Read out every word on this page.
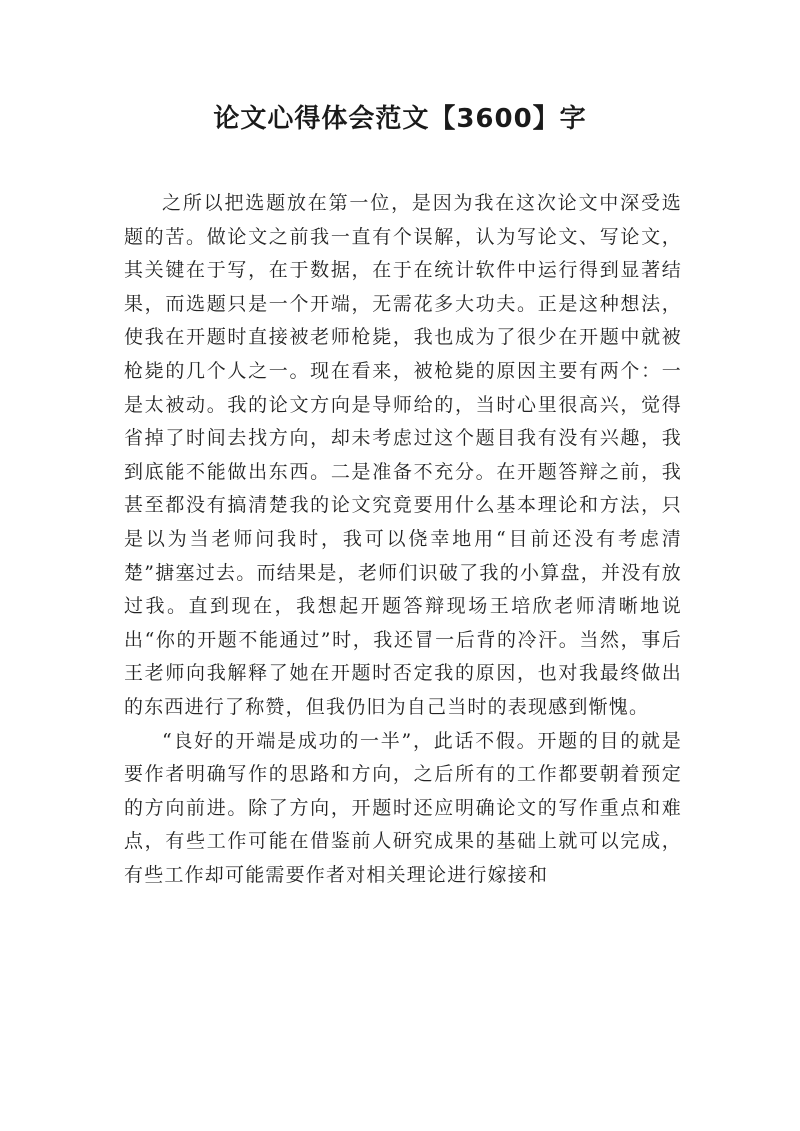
论文心得体会范文【3600】字

之所以把选题放在第一位，是因为我在这次论文中深受选题的苦。做论文之前我一直有个误解，认为写论文、写论文，其关键在于写，在于数据，在于在统计软件中运行得到显著结果，而选题只是一个开端，无需花多大功夫。正是这种想法，使我在开题时直接被老师枪毙，我也成为了很少在开题中就被枪毙的几个人之一。现在看来，被枪毙的原因主要有两个：一是太被动。我的论文方向是导师给的，当时心里很高兴，觉得省掉了时间去找方向，却未考虑过这个题目我有没有兴趣，我到底能不能做出东西。二是准备不充分。在开题答辩之前，我甚至都没有搞清楚我的论文究竟要用什么基本理论和方法，只是以为当老师问我时，我可以侥幸地用“目前还没有考虑清楚”搪塞过去。而结果是，老师们识破了我的小算盘，并没有放过我。直到现在，我想起开题答辩现场王培欣老师清晰地说出“你的开题不能通过”时，我还冒一后背的冷汗。当然，事后王老师向我解释了她在开题时否定我的原因，也对我最终做出的东西进行了称赞，但我仍旧为自己当时的表现感到惭愧。

“良好的开端是成功的一半”，此话不假。开题的目的就是要作者明确写作的思路和方向，之后所有的工作都要朝着预定的方向前进。除了方向，开题时还应明确论文的写作重点和难点，有些工作可能在借鉴前人研究成果的基础上就可以完成，有些工作却可能需要作者对相关理论进行嫁接和
